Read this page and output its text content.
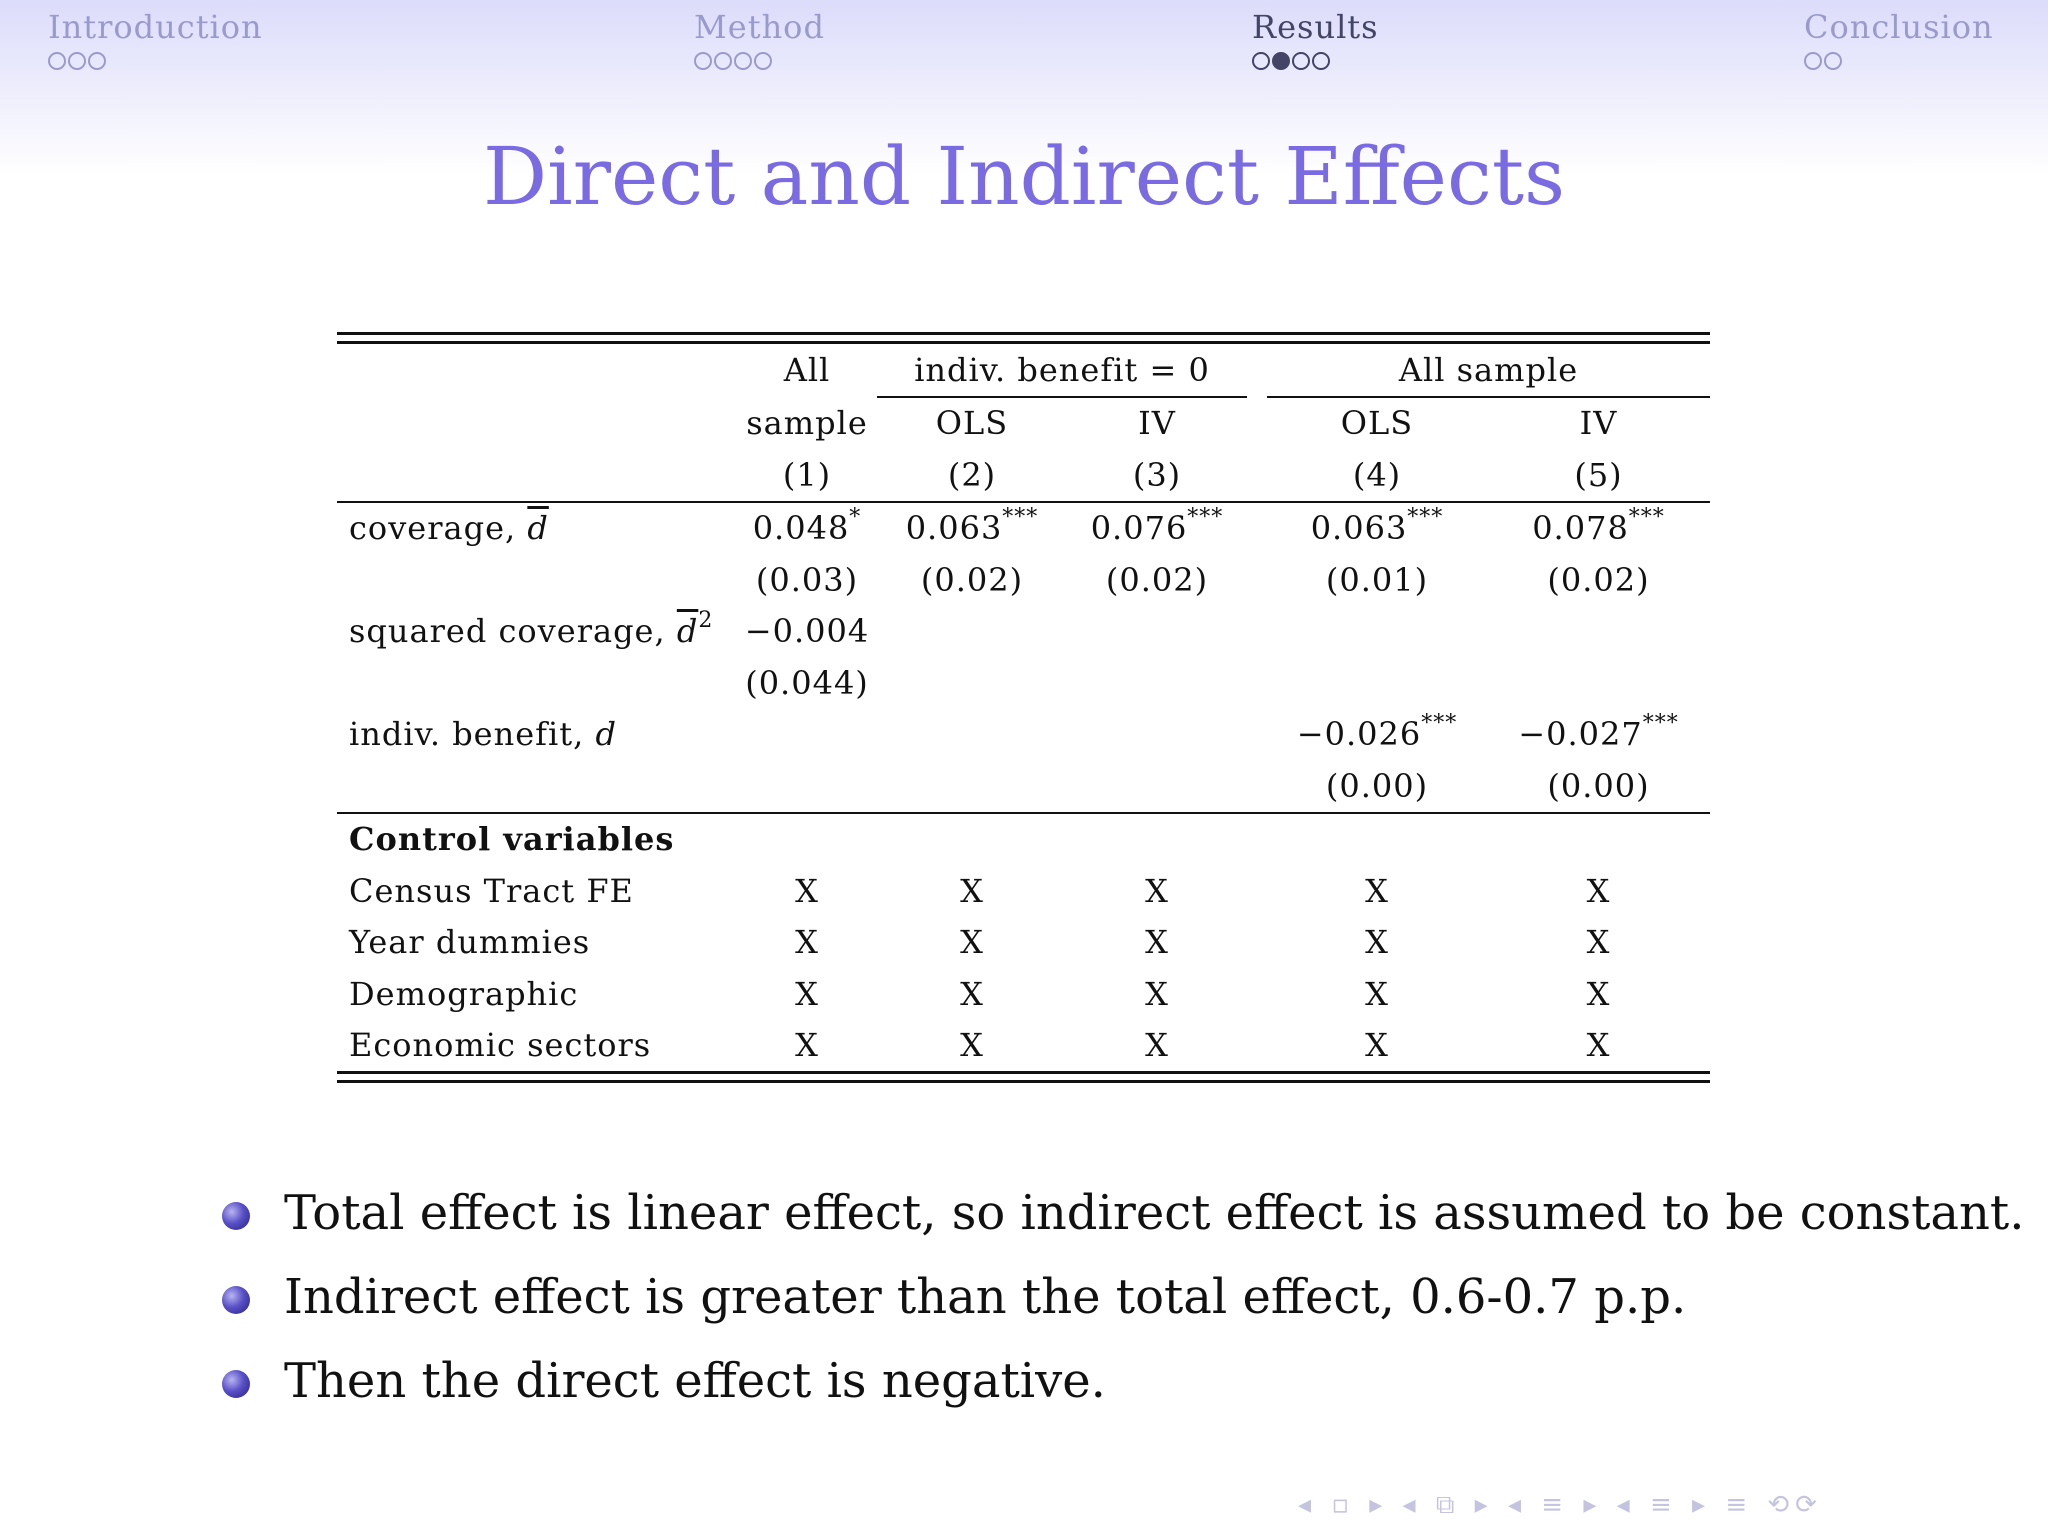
Introduction	Method	Results	Conclusion
Direct and Indirect Effects
	All	indiv. benefit = 0			All sample	
	sample	OLS	IV		OLS	IV
	(1)	(2)	(3)		(4)	(5)
coverage, $\overline{d}$	0.048*	0.063***	0.076***		0.063***	0.078***
	(0.03)	(0.02)	(0.02)		(0.01)	(0.02)
squared coverage, $\overline{d}^2$	−0.004					
	(0.044)					
indiv. benefit, d					−0.026***	−0.027***
					(0.00)	(0.00)
Control variables						
Census Tract FE	X	X	X		X	X
Year dummies	X	X	X		X	X
Demographic	X	X	X		X	X
Economic sectors	X	X	X		X	X
Total effect is linear effect, so indirect effect is assumed to be constant.
Indirect effect is greater than the total effect, 0.6-0.7 p.p.
Then the direct effect is negative.
◂ ▫ ▸ ◂ ⧉ ▸ ◂ ≡ ▸ ◂ ≡ ▸ ≡ ⟲⟳
